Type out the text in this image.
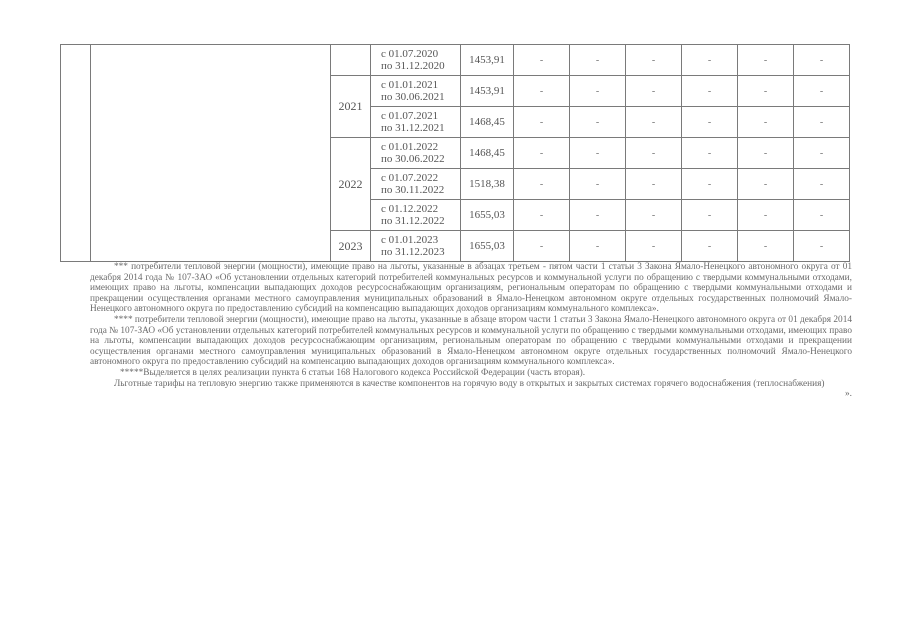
			с 01.07.2020
по 31.12.2020	1453,91	-	-	-	-	-	-
		2021	с 01.01.2021
по 30.06.2021	1453,91	-	-	-	-	-	-

			с 01.07.2021
по 31.12.2021	1468,45	-	-	-	-	-	-
		2022	с 01.01.2022
по 30.06.2022	1468,45	-	-	-	-	-	-

			с 01.07.2022
по 30.11.2022	1518,38	-	-	-	-	-	-

			с 01.12.2022
по 31.12.2022	1655,03	-	-	-	-	-	-
		2023	с 01.01.2023
по 31.12.2023	1655,03	-	-	-	-	-	-

*** потребители тепловой энергии (мощности), имеющие право на льготы, указанные в абзацах третьем - пятом части 1 статьи 3 Закона Ямало-Ненецкого автономного округа от 01 декабря 2014 года № 107-ЗАО «Об установлении отдельных категорий потребителей коммунальных ресурсов и коммунальной услуги по обращению с твердыми коммунальными отходами, имеющих право на льготы, компенсации выпадающих доходов ресурсоснабжающим организациям, региональным операторам по обращению с твердыми коммунальными отходами и прекращении осуществления органами местного самоуправления муниципальных образований в Ямало-Ненецком автономном округе отдельных государственных полномочий Ямало-Ненецкого автономного округа по предоставлению субсидий на компенсацию выпадающих доходов организациям коммунального комплекса».

**** потребители тепловой энергии (мощности), имеющие право на льготы, указанные в абзаце втором части 1 статьи 3 Закона Ямало-Ненецкого автономного округа от 01 декабря 2014 года № 107-ЗАО «Об установлении отдельных категорий потребителей коммунальных ресурсов и коммунальной услуги по обращению с твердыми коммунальными отходами, имеющих право на льготы, компенсации выпадающих доходов ресурсоснабжающим организациям, региональным операторам по обращению с твердыми коммунальными отходами и прекращении осуществления органами местного самоуправления муниципальных образований в Ямало-Ненецком автономном округе отдельных государственных полномочий Ямало-Ненецкого автономного округа по предоставлению субсидий на компенсацию выпадающих доходов организациям коммунального комплекса».

*****Выделяется в целях реализации пункта 6 статьи 168 Налогового кодекса Российской Федерации (часть вторая).

Льготные тарифы на тепловую энергию также применяются в качестве компонентов на горячую воду в открытых и закрытых системах горячего водоснабжения (теплоснабжения)
».
